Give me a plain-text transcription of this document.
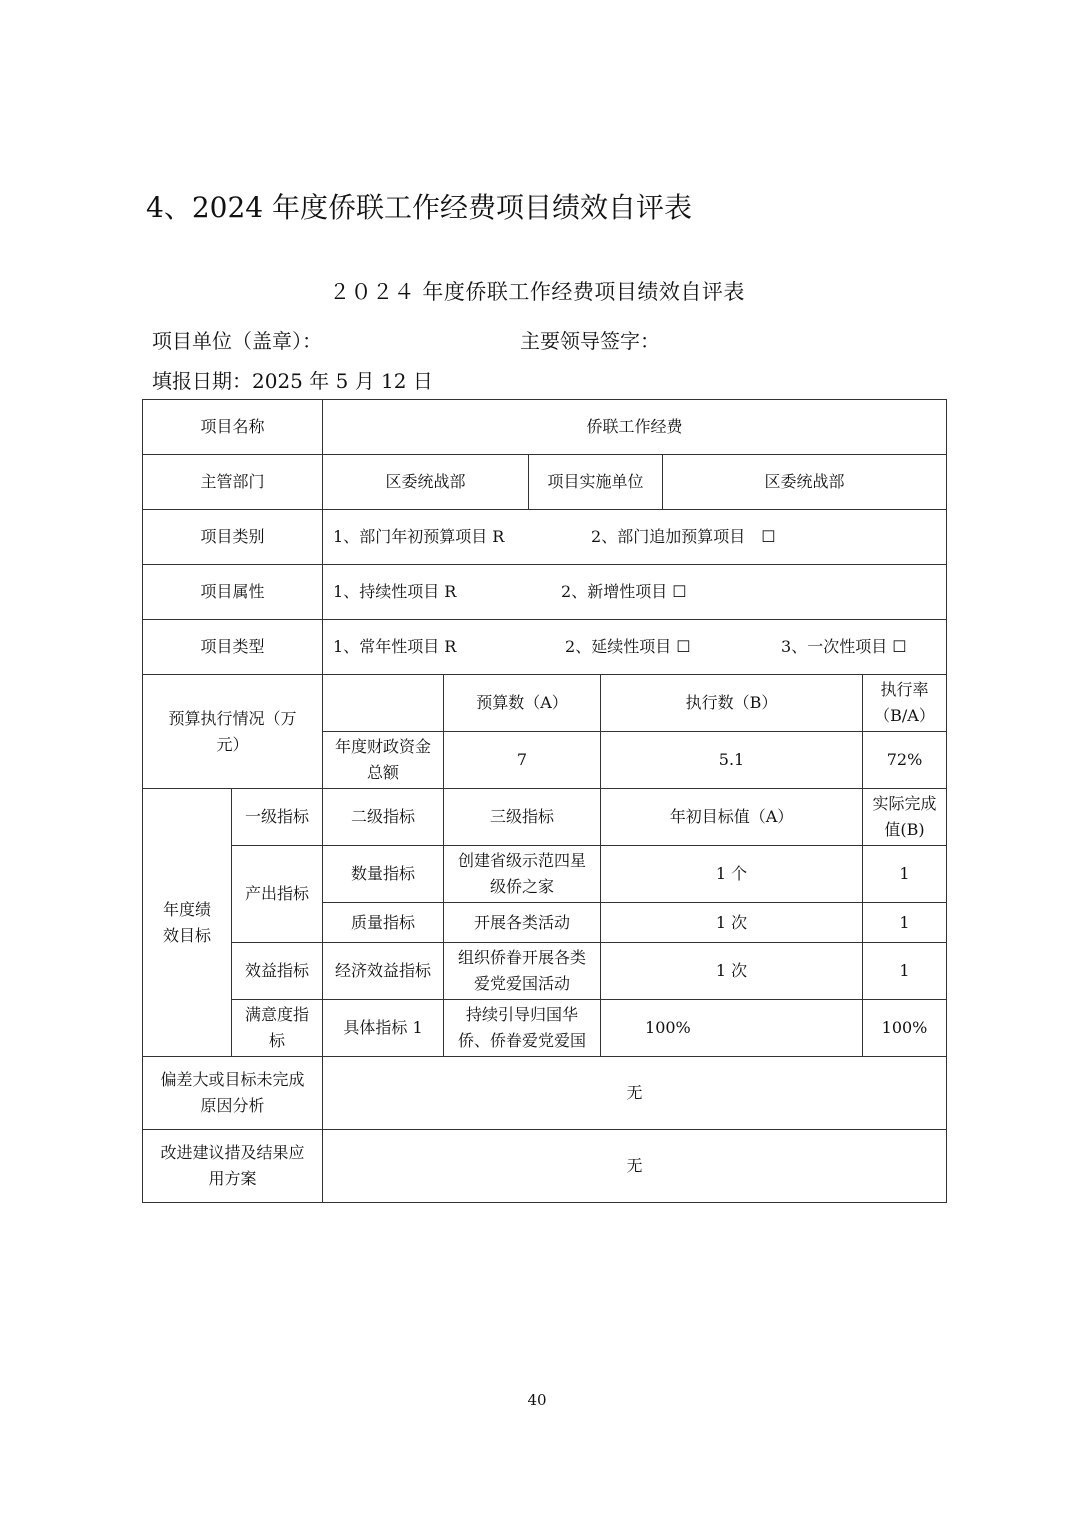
4、2024 年度侨联工作经费项目绩效自评表
２０２４ 年度侨联工作经费项目绩效自评表
项目单位（盖章）：	主要领导签字：
填报日期：2025 年 5 月 12 日
项目名称		侨联工作经费					
主管部门		区委统战部		项目实施单位		区委统战部	
项目类别		1、部门年初预算项目 R 2、部门追加预算项目　☐					
项目属性		1、持续性项目 R 2、新增性项目 ☐					
项目类型		1、常年性项目 R 2、延续性项目 ☐ 3、一次性项目 ☐					
预算执行情况（万元）			预算数（A）		执行数（B）		执行率（B/A）
		年度财政资金总额	7		5.1		72%
年度绩效目标	一级指标	二级指标	三级指标		年初目标值（A）		实际完成值(B)
	产出指标	数量指标	创建省级示范四星级侨之家		1 个		1
		质量指标	开展各类活动		1 次		1
	效益指标	经济效益指标	组织侨眷开展各类爱党爱国活动		1 次		1
	满意度指标	具体指标 1	持续引导归国华侨、侨眷爱党爱国		100%		100%
偏差大或目标未完成原因分析		无					
改进建议措及结果应用方案		无					
40
